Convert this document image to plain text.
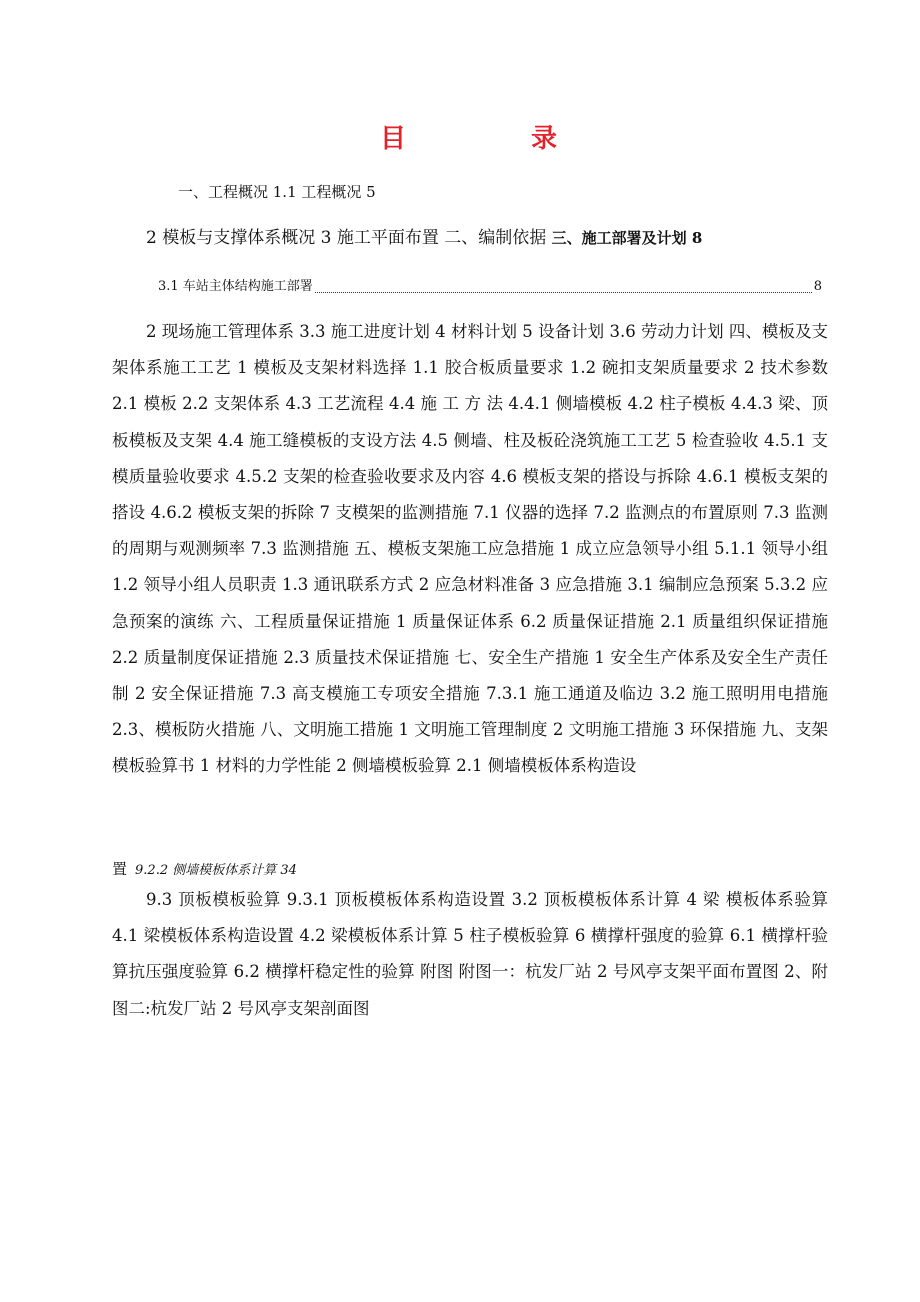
目 录
一、工程概况 1.1 工程概况 5
2 模板与支撑体系概况 3 施工平面布置 二、编制依据 三、施工部署及计划 8
3.1 车站主体结构施工部署	8
2 现场施工管理体系 3.3 施工进度计划 4 材料计划 5 设备计划 3.6 劳动力计划 四、模板及支架体系施工工艺 1 模板及支架材料选择 1.1 胶合板质量要求 1.2 碗扣支架质量要求 2 技术参数 2.1 模板 2.2 支架体系 4.3 工艺流程 4.4 施 工 方 法 4.4.1 侧墙模板 4.2 柱子模板 4.4.3 梁、顶板模板及支架 4.4 施工缝模板的支设方法 4.5 侧墙、柱及板砼浇筑施工工艺 5 检查验收 4.5.1 支模质量验收要求 4.5.2 支架的检查验收要求及内容 4.6 模板支架的搭设与拆除 4.6.1 模板支架的搭设 4.6.2 模板支架的拆除 7 支模架的监测措施 7.1 仪器的选择 7.2 监测点的布置原则 7.3 监测的周期与观测频率 7.3 监测措施 五、模板支架施工应急措施 1 成立应急领导小组 5.1.1 领导小组 1.2 领导小组人员职责 1.3 通讯联系方式 2 应急材料准备 3 应急措施 3.1 编制应急预案 5.3.2 应急预案的演练 六、工程质量保证措施 1 质量保证体系 6.2 质量保证措施 2.1 质量组织保证措施 2.2 质量制度保证措施 2.3 质量技术保证措施 七、安全生产措施 1 安全生产体系及安全生产责任制 2 安全保证措施 7.3 高支模施工专项安全措施 7.3.1 施工通道及临边 3.2 施工照明用电措施 2.3、模板防火措施 八、文明施工措施 1 文明施工管理制度 2 文明施工措施 3 环保措施 九、支架模板验算书 1 材料的力学性能 2 侧墙模板验算 2.1 侧墙模板体系构造设
置 9.2.2 侧墙模板体系计算 34
9.3 顶板模板验算 9.3.1 顶板模板体系构造设置 3.2 顶板模板体系计算 4 梁 模板体系验算 4.1 梁模板体系构造设置 4.2 梁模板体系计算 5 柱子模板验算 6 横撑杆强度的验算 6.1 横撑杆验算抗压强度验算 6.2 横撑杆稳定性的验算 附图 附图一：杭发厂站 2 号风亭支架平面布置图 2、附图二:杭发厂站 2 号风亭支架剖面图
